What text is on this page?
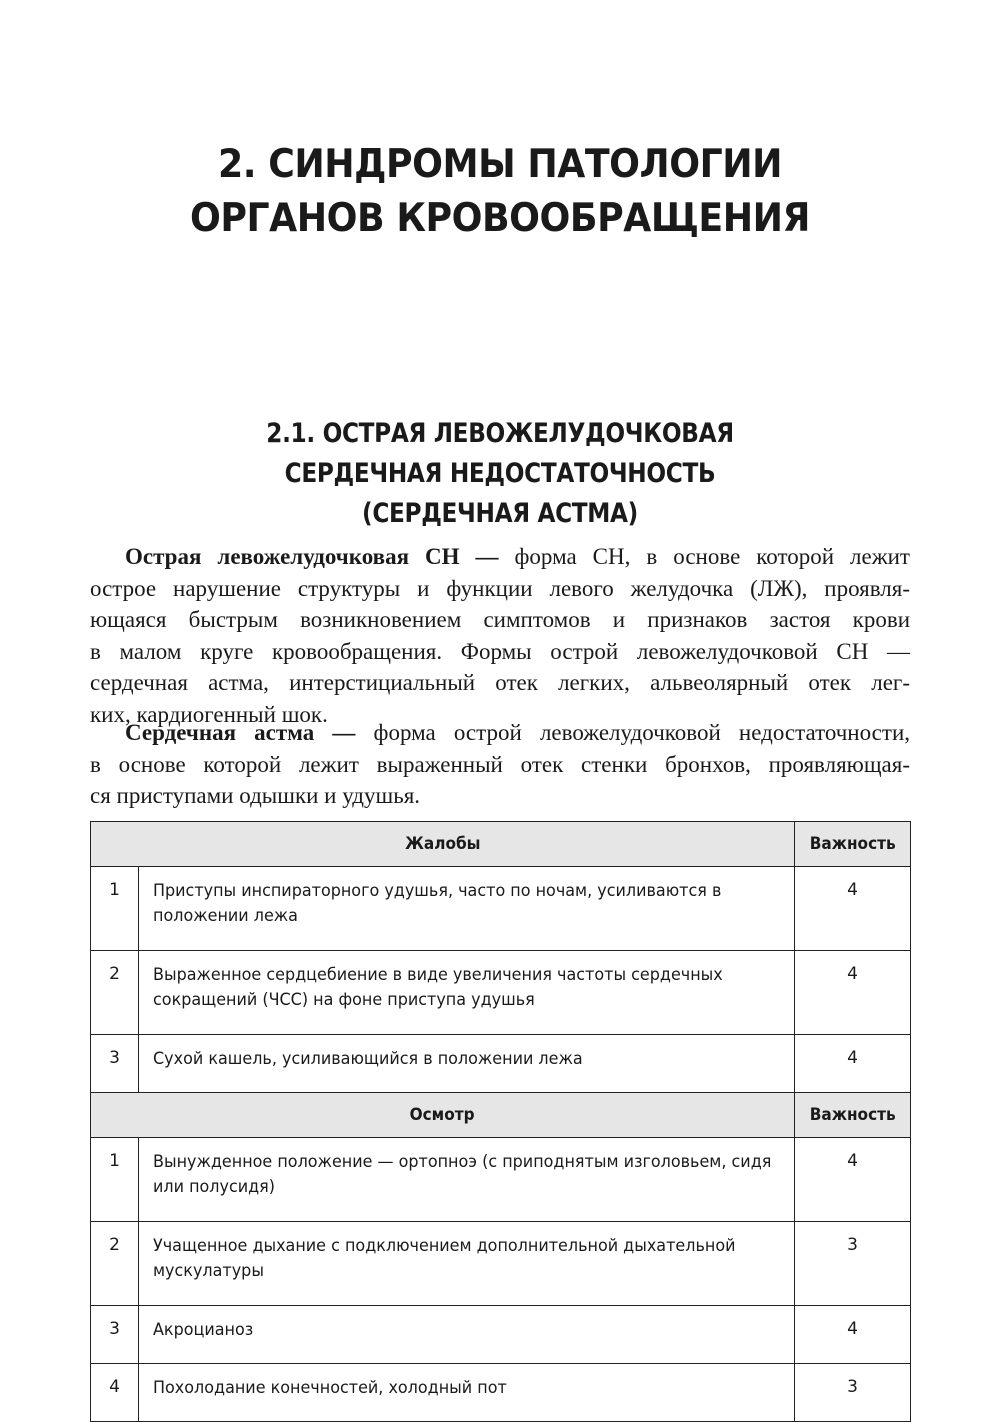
2. СИНДРОМЫ ПАТОЛОГИИ
ОРГАНОВ КРОВООБРАЩЕНИЯ
2.1. ОСТРАЯ ЛЕВОЖЕЛУДОЧКОВАЯ
СЕРДЕЧНАЯ НЕДОСТАТОЧНОСТЬ
(СЕРДЕЧНАЯ АСТМА)
Острая левожелудочковая СН — форма СН, в основе которой лежит
острое нарушение структуры и функции левого желудочка (ЛЖ), проявля-
ющаяся быстрым возникновением симптомов и признаков застоя крови
в малом круге кровообращения. Формы острой левожелудочковой СН —
сердечная астма, интерстициальный отек легких, альвеолярный отек лег-
ких, кардиогенный шок.
Сердечная астма — форма острой левожелудочковой недостаточности,
в основе которой лежит выраженный отек стенки бронхов, проявляющая-
ся приступами одышки и удушья.
Жалобы		Важность
1	Приступы инспираторного удушья, часто по ночам, усиливаются в положении лежа	4
2	Выраженное сердцебиение в виде увеличения частоты сердечных сокращений (ЧСС) на фоне приступа удушья	4
3	Сухой кашель, усиливающийся в положении лежа	4
Осмотр		Важность
1	Вынужденное положение — ортопноэ (с приподнятым изголовьем, сидя или полусидя)	4
2	Учащенное дыхание с подключением дополнительной дыхательной мускулатуры	3
3	Акроцианоз	4
4	Похолодание конечностей, холодный пот	3
